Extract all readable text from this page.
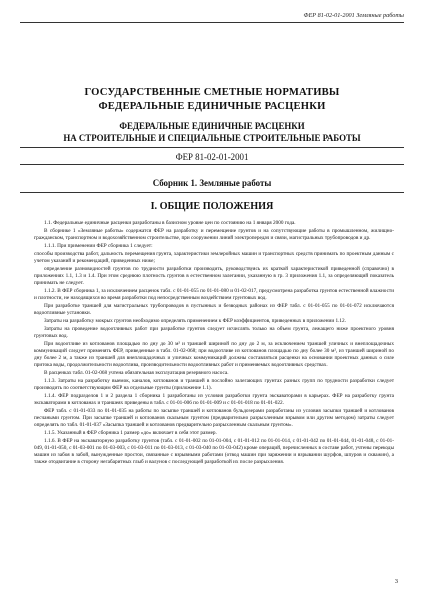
ФЕР 81-02-01-2001 Земляные работы
ГОСУДАРСТВЕННЫЕ СМЕТНЫЕ НОРМАТИВЫ
ФЕДЕРАЛЬНЫЕ ЕДИНИЧНЫЕ РАСЦЕНКИ
ФЕДЕРАЛЬНЫЕ ЕДИНИЧНЫЕ РАСЦЕНКИ
НА СТРОИТЕЛЬНЫЕ И СПЕЦИАЛЬНЫЕ СТРОИТЕЛЬНЫЕ РАБОТЫ
ФЕР 81-02-01-2001
Сборник 1. Земляные работы
I. ОБЩИЕ ПОЛОЖЕНИЯ

1.1. Федеральные единичные расценки разработаны в базисном уровне цен по состоянию на 1 января 2000 года.

В сборнике 1 «Земляные работы» содержатся ФЕР на разработку и перемещение грунтов и на сопутствующие работы в промышленном, жилищно-гражданском, транспортном и водохозяйственном строительстве, при сооружении линий электропередач и связи, магистральных трубопроводов и др.

1.1.1. При применении ФЕР сборника 1 следует:

способы производства работ, дальность перемещения грунта, характеристики землеройных машин и транспортных средств принимать по проектным данным с учетом указаний и рекомендаций, приведенных ниже;

определение разновидностей грунтов по трудности разработки производить, руководствуясь их краткой характеристикой приведенной (справочно) в приложениях 1.1, 1.3 и 1.4. При этом среднюю плотность грунтов в естественном залегании, указанную в гр. 3 приложения 1.1, за определяющий показатель принимать не следует.

1.1.2. В ФЕР сборника 1, за исключением расценок табл. с 01-01-055 по 01-01-080 и 01-02-017, предусмотрена разработка грунтов естественной влажности и плотности, не находящихся во время разработки под непосредственным воздействием грунтовых вод.

При разработке траншей для магистральных трубопроводов в пустынных и безводных районах из ФЕР табл. с 01-01-055 по 01-01-072 исключаются водоотливные установки.

Затраты на разработку мокрых грунтов необходимо определять применением к ФЕР коэффициентов, приведенных в приложении 1.12.

Затраты на проведение водоотливных работ при разработке грунтов следует исчислять только на объем грунта, лежащего ниже проектного уровня грунтовых вод.

При водоотливе из котлованов площадью по дну до 30 м² и траншей шириной по дну до 2 м, за исключением траншей уличных и внеплощадочных коммуникаций следует применять ФЕР, приведенные в табл. 01-02-068; при водоотливе из котлованов площадью по дну более 30 м², из траншей шириной по дну более 2 м, а также из траншей для внеплощадочных и уличных коммуникаций должны составляться расценки на основании проектных данных о силе притока воды, продолжительности водоотлива, производительности водоотливных работ и применяемых водоотливных средствах.

В расценках табл. 01-02-068 учтена обязательная эксплуатация резервного насоса.

1.1.3. Затраты на разработку выемок, каналов, котлованов и траншей в послойно залегающих грунтах разных групп по трудности разработки следует производить по соответствующим ФЕР на отдельные грунты (приложение 1.1).

1.1.4. ФЕР подразделов 1 и 2 раздела 1 сборника 1 разработаны из условия разработки грунта экскаваторами в карьерах. ФЕР на разработку грунта экскаваторами в котлованах и траншеях приведены в табл. с 01-01-006 по 01-01-009 и с 01-01-018 по 01-01-022.

ФЕР табл. с 01-01-033 по 01-01-035 на работы по засыпке траншей и котлованов бульдозерами разработаны из условия засыпки траншей и котлованов песчаными грунтом. При засыпке траншей и котлованов скальным грунтом (предварительно разрыхленным взрывом или другим методом) затраты следует определять по табл. 01-01-037 «Засыпка траншей и котлованов предварительно разрыхленным скальным грунтом».

1.1.5. Указанный в ФЕР сборника 1 размер «до» включает в себя этот размер.

1.1.6. В ФЕР на экскаваторную разработку грунтов (табл. с 01-01-002 по 01-01-004, с 01-01-012 по 01-01-014, с 01-01-042 по 01-01-044, 01-01-048, с 01-01-049, 01-01-050, с 01-03-001 по 01-03-003, с 01-03-011 по 01-03-013, с 01-03-040 по 01-03-042) кроме операций, перечисленных в составе работ, учтены перекоды машин из забоя в забой, вынужденные простои, связанные с взрывными работами (отвод машин при заряжении и взрывании шурфов, шпуров и скважин), а также отодвигание в сторону негабаритных глыб и валунов с последующей разработкой их после разрыхления.

3
